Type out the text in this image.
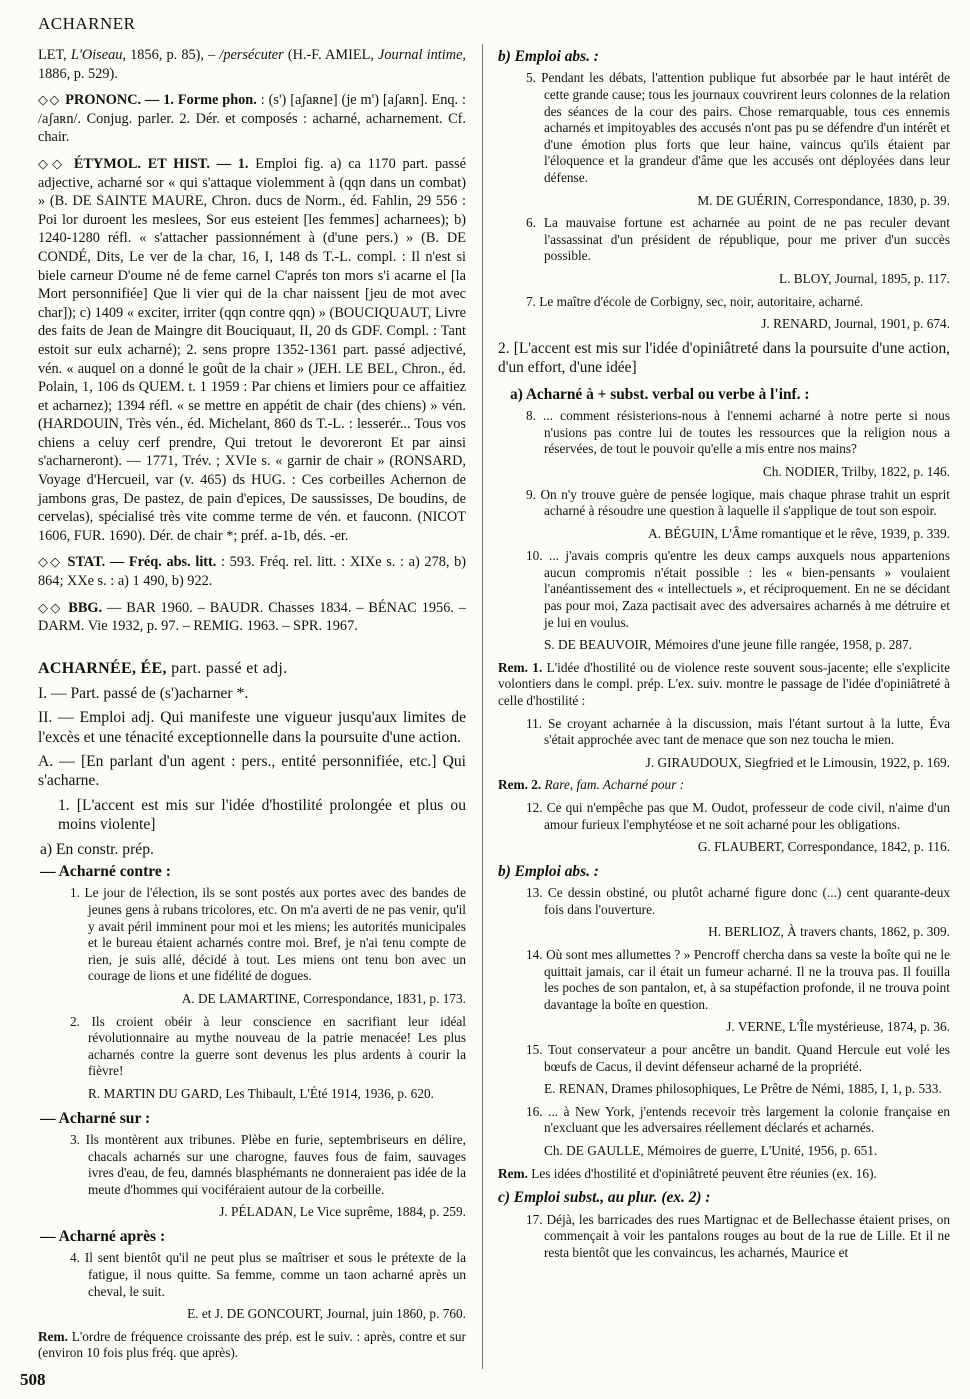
ACHARNER

LET, L'Oiseau, 1856, p. 85), – /persécuter (H.-F. AMIEL, Journal intime, 1886, p. 529).

◇◇ PRONONC. — 1. Forme phon. : (s') [aʃaʀne] (je m') [aʃaʀn]. Enq. : /aʃaʀn/. Conjug. parler. 2. Dér. et composés : acharné, acharnement. Cf. chair.

◇◇ ÉTYMOL. ET HIST. — 1. Emploi fig. a) ca 1170 part. passé adjective, acharné sor « qui s'attaque violemment à (qqn dans un combat) » (B. DE SAINTE MAURE, Chron. ducs de Norm., éd. Fahlin, 29 556 : Poi lor duroent les meslees, Sor eus esteient [les femmes] acharnees); b) 1240-1280 réfl. « s'attacher passionnément à (d'une pers.) » (B. DE CONDÉ, Dits, Le ver de la char, 16, I, 148 ds T.-L. compl. : Il n'est si biele carneur D'oume né de feme carnel C'aprés ton mors s'i acarne el [la Mort personnifiée] Que li vier qui de la char naissent [jeu de mot avec char]); c) 1409 « exciter, irriter (qqn contre qqn) » (BOUCIQUAUT, Livre des faits de Jean de Maingre dit Bouciquaut, II, 20 ds GDF. Compl. : Tant estoit sur eulx acharné); 2. sens propre 1352-1361 part. passé adjectivé, vén. « auquel on a donné le goût de la chair » (JEH. LE BEL, Chron., éd. Polain, 1, 106 ds QUEM. t. 1 1959 : Par chiens et limiers pour ce affaitiez et acharnez); 1394 réfl. « se mettre en appétit de chair (des chiens) » vén. (HARDOUIN, Très vén., éd. Michelant, 860 ds T.-L. : lesserér... Tous vos chiens a celuy cerf prendre, Qui tretout le devoreront Et par ainsi s'acharneront). — 1771, Trév. ; XVIe s. « garnir de chair » (RONSARD, Voyage d'Hercueil, var (v. 465) ds HUG. : Ces corbeilles Achernon de jambons gras, De pastez, de pain d'epices, De saussisses, De boudins, de cervelas), spécialisé très vite comme terme de vén. et fauconn. (NICOT 1606, FUR. 1690). Dér. de chair *; préf. a-1b, dés. -er.

◇◇ STAT. — Fréq. abs. litt. : 593. Fréq. rel. litt. : XIXe s. : a) 278, b) 864; XXe s. : a) 1 490, b) 922.

◇◇ BBG. — BAR 1960. – BAUDR. Chasses 1834. – BÉNAC 1956. – DARM. Vie 1932, p. 97. – REMIG. 1963. – SPR. 1967.

ACHARNÉE, ÉE, part. passé et adj.

I. — Part. passé de (s')acharner *.

II. — Emploi adj. Qui manifeste une vigueur jusqu'aux limites de l'excès et une ténacité exceptionnelle dans la poursuite d'une action.

A. — [En parlant d'un agent : pers., entité personnifiée, etc.] Qui s'acharne.

1. [L'accent est mis sur l'idée d'hostilité prolongée et plus ou moins violente]

a) En constr. prép.

— Acharné contre :

1. Le jour de l'élection, ils se sont postés aux portes avec des bandes de jeunes gens à rubans tricolores, etc. On m'a averti de ne pas venir, qu'il y avait péril imminent pour moi et les miens; les autorités municipales et le bureau étaient acharnés contre moi. Bref, je n'ai tenu compte de rien, je suis allé, décidé à tout. Les miens ont tenu bon avec un courage de lions et une fidélité de dogues.

A. DE LAMARTINE, Correspondance, 1831, p. 173.

2. Ils croient obéir à leur conscience en sacrifiant leur idéal révolutionnaire au mythe nouveau de la patrie menacée! Les plus acharnés contre la guerre sont devenus les plus ardents à courir la fièvre!

R. MARTIN DU GARD, Les Thibault, L'Été 1914, 1936, p. 620.

— Acharné sur :

3. Ils montèrent aux tribunes. Plèbe en furie, septembriseurs en délire, chacals acharnés sur une charogne, fauves fous de faim, sauvages ivres d'eau, de feu, damnés blasphémants ne donneraient pas idée de la meute d'hommes qui vociféraient autour de la corbeille.

J. PÉLADAN, Le Vice suprême, 1884, p. 259.

— Acharné après :

4. Il sent bientôt qu'il ne peut plus se maîtriser et sous le prétexte de la fatigue, il nous quitte. Sa femme, comme un taon acharné après un cheval, le suit.

E. et J. DE GONCOURT, Journal, juin 1860, p. 760.

Rem. L'ordre de fréquence croissante des prép. est le suiv. : après, contre et sur (environ 10 fois plus fréq. que après).

b) Emploi abs. :

5. Pendant les débats, l'attention publique fut absorbée par le haut intérêt de cette grande cause; tous les journaux couvrirent leurs colonnes de la relation des séances de la cour des pairs. Chose remarquable, tous ces ennemis acharnés et impitoyables des accusés n'ont pas pu se défendre d'un intérêt et d'une émotion plus forts que leur haine, vaincus qu'ils étaient par l'éloquence et la grandeur d'âme que les accusés ont déployées dans leur défense.

M. DE GUÉRIN, Correspondance, 1830, p. 39.

6. La mauvaise fortune est acharnée au point de ne pas reculer devant l'assassinat d'un président de république, pour me priver d'un succès possible.

L. BLOY, Journal, 1895, p. 117.

7. Le maître d'école de Corbigny, sec, noir, autoritaire, acharné.

J. RENARD, Journal, 1901, p. 674.

2. [L'accent est mis sur l'idée d'opiniâtreté dans la poursuite d'une action, d'un effort, d'une idée]

a) Acharné à + subst. verbal ou verbe à l'inf. :

8. ... comment résisterions-nous à l'ennemi acharné à notre perte si nous n'usions pas contre lui de toutes les ressources que la religion nous a réservées, de tout le pouvoir qu'elle a mis entre nos mains?

Ch. NODIER, Trilby, 1822, p. 146.

9. On n'y trouve guère de pensée logique, mais chaque phrase trahit un esprit acharné à résoudre une question à laquelle il s'applique de tout son espoir.

A. BÉGUIN, L'Âme romantique et le rêve, 1939, p. 339.

10. ... j'avais compris qu'entre les deux camps auxquels nous appartenions aucun compromis n'était possible : les « bien-pensants » voulaient l'anéantissement des « intellectuels », et réciproquement. En ne se décidant pas pour moi, Zaza pactisait avec des adversaires acharnés à me détruire et je lui en voulus.

S. DE BEAUVOIR, Mémoires d'une jeune fille rangée, 1958, p. 287.

Rem. 1. L'idée d'hostilité ou de violence reste souvent sous-jacente; elle s'explicite volontiers dans le compl. prép. L'ex. suiv. montre le passage de l'idée d'opiniâtreté à celle d'hostilité :

11. Se croyant acharnée à la discussion, mais l'étant surtout à la lutte, Éva s'était approchée avec tant de menace que son nez toucha le mien.

J. GIRAUDOUX, Siegfried et le Limousin, 1922, p. 169.

Rem. 2. Rare, fam. Acharné pour :

12. Ce qui n'empêche pas que M. Oudot, professeur de code civil, n'aime d'un amour furieux l'emphytéose et ne soit acharné pour les obligations.

G. FLAUBERT, Correspondance, 1842, p. 116.

b) Emploi abs. :

13. Ce dessin obstiné, ou plutôt acharné figure donc (...) cent quarante-deux fois dans l'ouverture.

H. BERLIOZ, À travers chants, 1862, p. 309.

14. Où sont mes allumettes ? » Pencroff chercha dans sa veste la boîte qui ne le quittait jamais, car il était un fumeur acharné. Il ne la trouva pas. Il fouilla les poches de son pantalon, et, à sa stupéfaction profonde, il ne trouva point davantage la boîte en question.

J. VERNE, L'Île mystérieuse, 1874, p. 36.

15. Tout conservateur a pour ancêtre un bandit. Quand Hercule eut volé les bœufs de Cacus, il devint défenseur acharné de la propriété.

E. RENAN, Drames philosophiques, Le Prêtre de Némi, 1885, I, 1, p. 533.

16. ... à New York, j'entends recevoir très largement la colonie française en n'excluant que les adversaires réellement déclarés et acharnés.

Ch. DE GAULLE, Mémoires de guerre, L'Unité, 1956, p. 651.

Rem. Les idées d'hostilité et d'opiniâtreté peuvent être réunies (ex. 16).

c) Emploi subst., au plur. (ex. 2) :

17. Déjà, les barricades des rues Martignac et de Bellechasse étaient prises, on commençait à voir les pantalons rouges au bout de la rue de Lille. Et il ne resta bientôt que les convaincus, les acharnés, Maurice et

508
